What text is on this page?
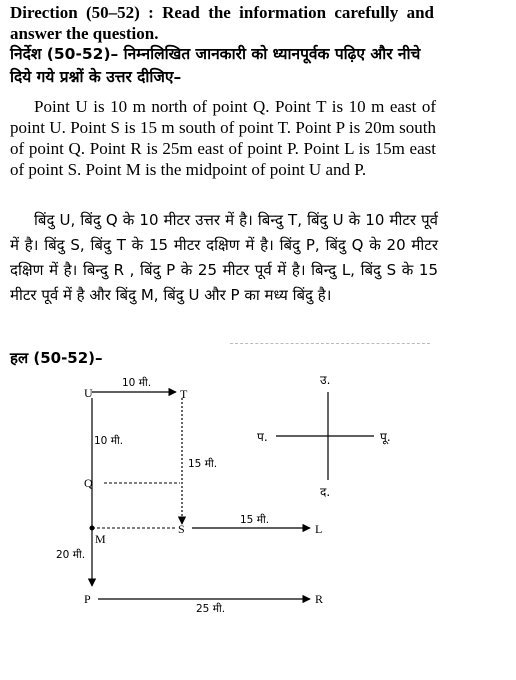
Direction (50–52) : Read the information carefully and answer the question.
निर्देश (50-52)– निम्नलिखित जानकारी को ध्यानपूर्वक पढ़िए और नीचे दिये गये प्रश्नों के उत्तर दीजिए–
Point U is 10 m north of point Q. Point T is 10 m east of point U. Point S is 15 m south of point T. Point P is 20m south of point Q. Point R is 25m east of point P. Point L is 15m east of point S. Point M is the midpoint of point U and P.
बिंदु U, बिंदु Q के 10 मीटर उत्तर में है। बिन्दु T, बिंदु U के 10 मीटर पूर्व में है। बिंदु S, बिंदु T के 15 मीटर दक्षिण में है। बिंदु P, बिंदु Q के 20 मीटर दक्षिण में है। बिन्दु R , बिंदु P के 25 मीटर पूर्व में है। बिन्दु L, बिंदु S के 15 मीटर पूर्व में है और बिंदु M, बिंदु U और P का मध्य बिंदु है।
हल (50-52)–
U	T
Q
S
M
P
L
R
10 मी.
10 मी.
15 मी.
15 मी.
20 मी.
25 मी.
उ.
द.
प.	पू.
